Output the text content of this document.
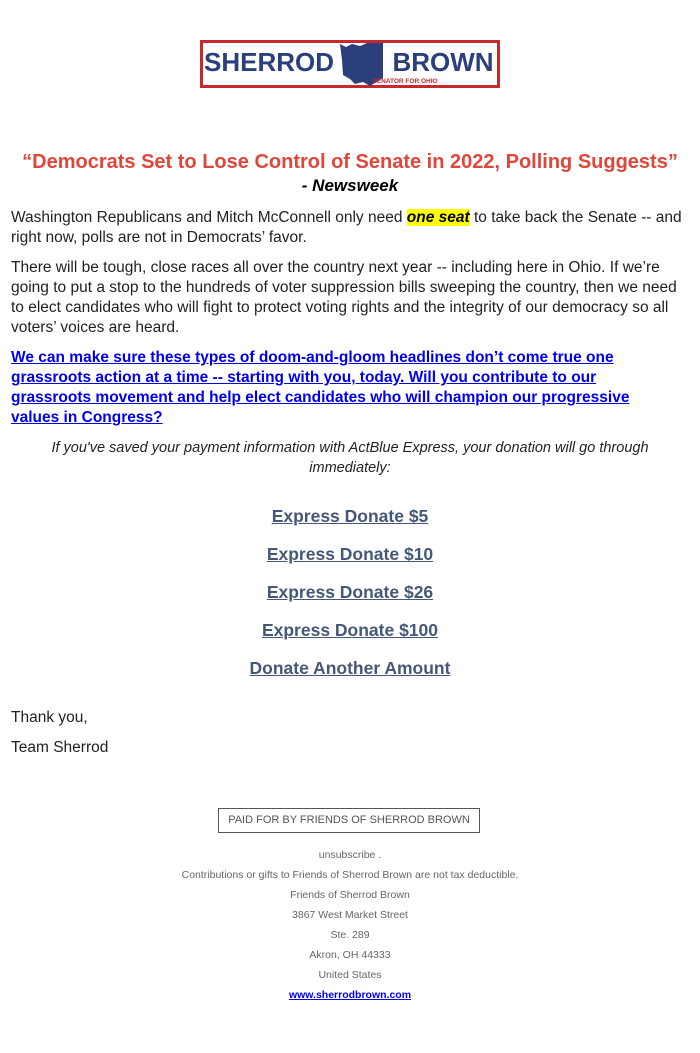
SHERROD BROWN
SENATOR FOR OHIO
“Democrats Set to Lose Control of Senate in 2022, Polling Suggests”
- Newsweek

Washington Republicans and Mitch McConnell only need one seat to take back the Senate -- and right now, polls are not in Democrats’ favor.

There will be tough, close races all over the country next year -- including here in Ohio. If we’re going to put a stop to the hundreds of voter suppression bills sweeping the country, then we need to elect candidates who will fight to protect voting rights and the integrity of our democracy so all voters’ voices are heard.

We can make sure these types of doom-and-gloom headlines don’t come true one grassroots action at a time -- starting with you, today. Will you contribute to our grassroots movement and help elect candidates who will champion our progressive values in Congress?
If you've saved your payment information with ActBlue Express, your donation will go through immediately:
Express Donate $5
Express Donate $10
Express Donate $26
Express Donate $100
Donate Another Amount
Thank you,
Team Sherrod
PAID FOR BY FRIENDS OF SHERROD BROWN
unsubscribe .
Contributions or gifts to Friends of Sherrod Brown are not tax deductible.
Friends of Sherrod Brown
3867 West Market Street
Ste. 289
Akron, OH 44333
United States
www.sherrodbrown.com
